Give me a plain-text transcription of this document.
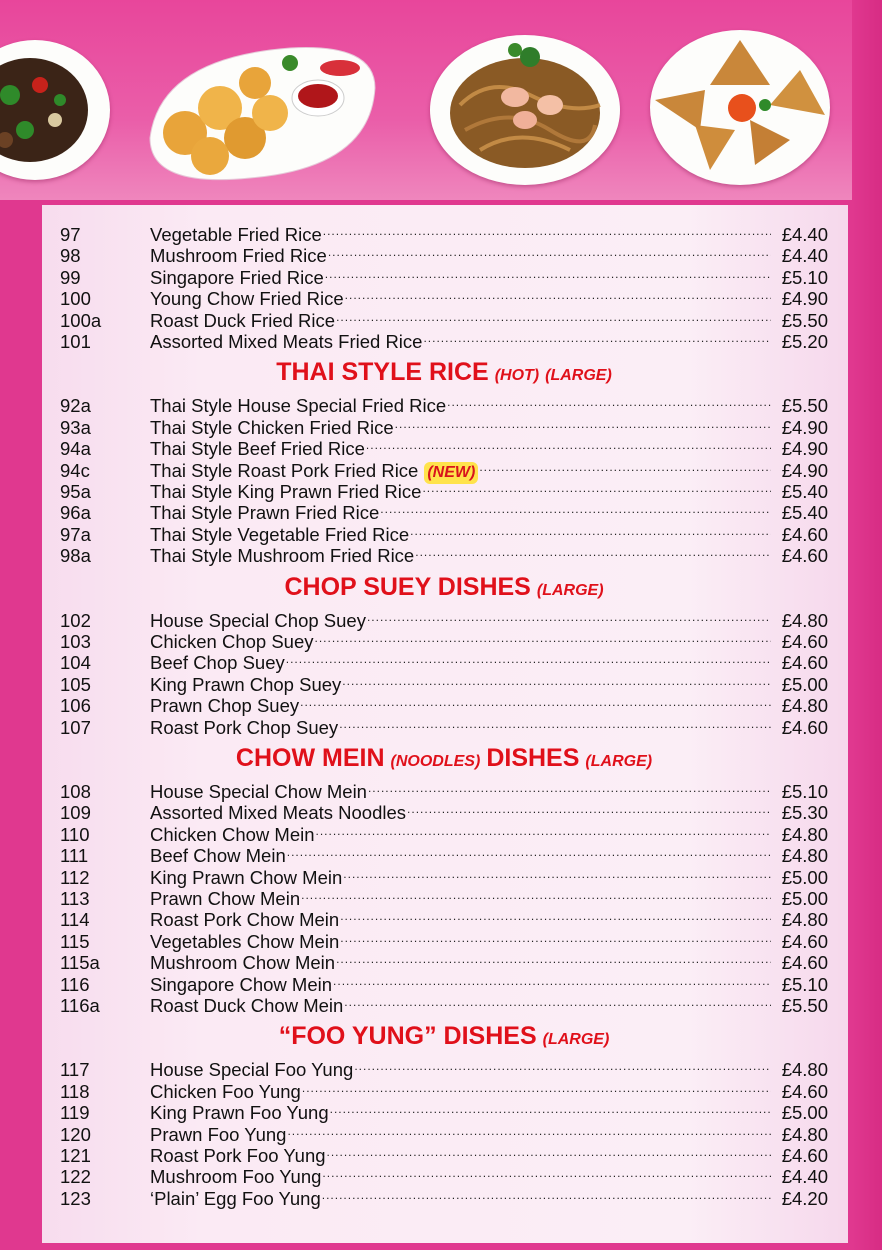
97	Vegetable Fried Rice .....	£4.40
98	Mushroom Fried Rice .....	£4.40
99	Singapore Fried Rice .....	£5.10
100	Young Chow Fried Rice .....	£4.90
100a	Roast Duck Fried Rice .....	£5.50
101	Assorted Mixed Meats Fried Rice .....	£5.20
THAI STYLE RICE (HOT) (LARGE)
92a	Thai Style House Special Fried Rice .....	£5.50
93a	Thai Style Chicken Fried Rice .....	£4.90
94a	Thai Style Beef Fried Rice .....	£4.90
94c	Thai Style Roast Pork Fried Rice (NEW) .....	£4.90
95a	Thai Style King Prawn Fried Rice .....	£5.40
96a	Thai Style Prawn Fried Rice .....	£5.40
97a	Thai Style Vegetable Fried Rice .....	£4.60
98a	Thai Style Mushroom Fried Rice .....	£4.60
CHOP SUEY DISHES (LARGE)
102	House Special Chop Suey .....	£4.80
103	Chicken Chop Suey .....	£4.60
104	Beef Chop Suey .....	£4.60
105	King Prawn Chop Suey .....	£5.00
106	Prawn Chop Suey .....	£4.80
107	Roast Pork Chop Suey .....	£4.60
CHOW MEIN (NOODLES) DISHES (LARGE)
108	House Special Chow Mein .....	£5.10
109	Assorted Mixed Meats Noodles .....	£5.30
110	Chicken Chow Mein .....	£4.80
111	Beef Chow Mein .....	£4.80
112	King Prawn Chow Mein .....	£5.00
113	Prawn Chow Mein .....	£5.00
114	Roast Pork Chow Mein .....	£4.80
115	Vegetables Chow Mein .....	£4.60
115a	Mushroom Chow Mein .....	£4.60
116	Singapore Chow Mein .....	£5.10
116a	Roast Duck Chow Mein .....	£5.50
“FOO YUNG” DISHES (LARGE)
117	House Special Foo Yung .....	£4.80
118	Chicken Foo Yung .....	£4.60
119	King Prawn Foo Yung .....	£5.00
120	Prawn Foo Yung .....	£4.80
121	Roast Pork Foo Yung .....	£4.60
122	Mushroom Foo Yung .....	£4.40
123	‘Plain’ Egg Foo Yung .....	£4.20
